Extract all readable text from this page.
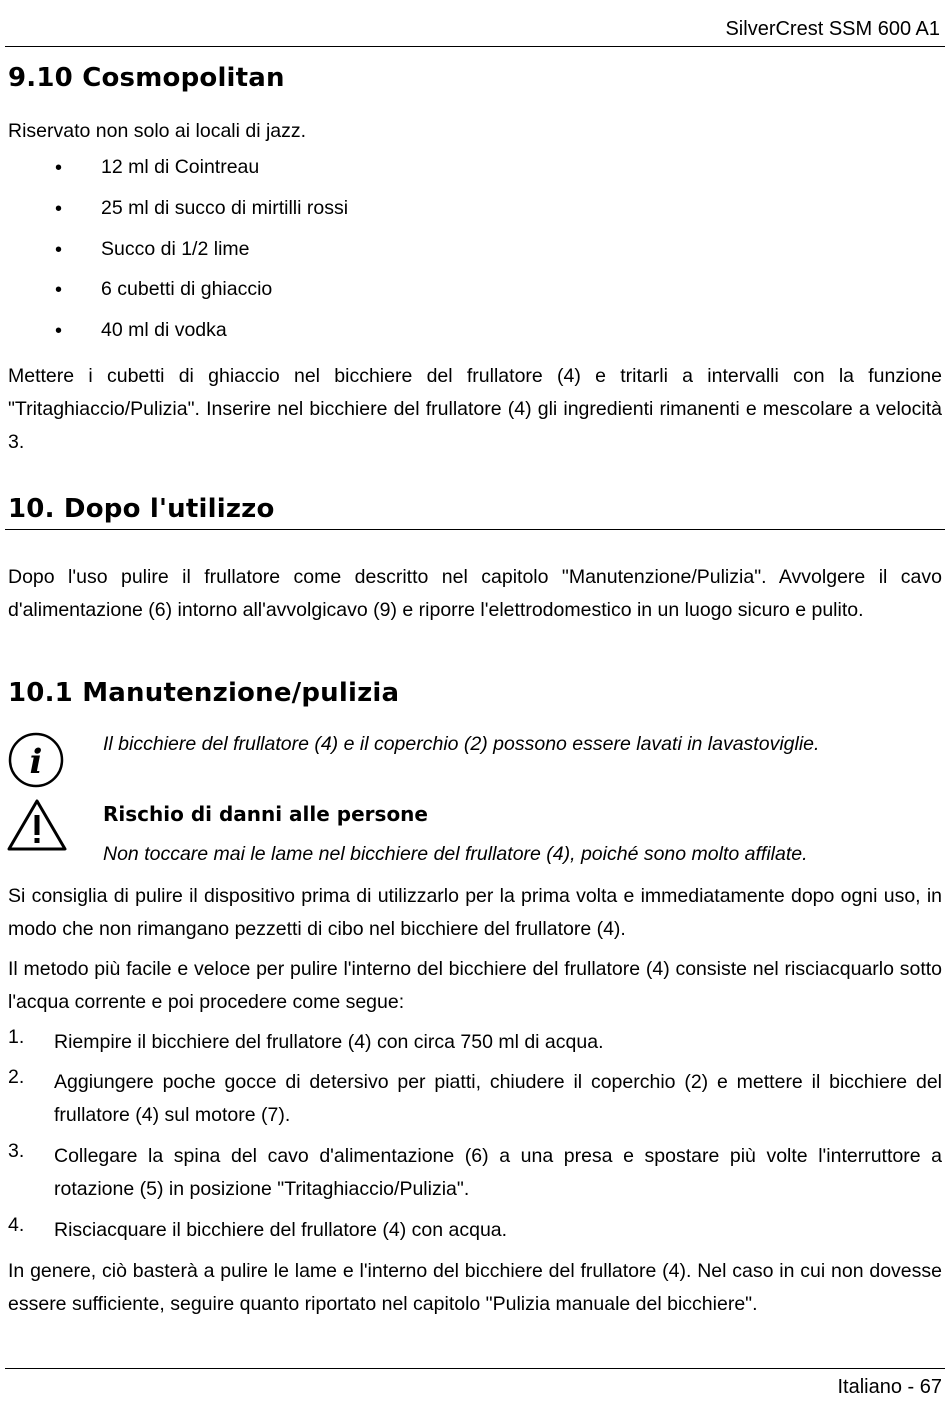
SilverCrest SSM 600 A1
9.10 Cosmopolitan
Riservato non solo ai locali di jazz.
• 12 ml di Cointreau
• 25 ml di succo di mirtilli rossi
• Succo di 1/2 lime
• 6 cubetti di ghiaccio
• 40 ml di vodka
Mettere i cubetti di ghiaccio nel bicchiere del frullatore (4) e tritarli a intervalli con la funzione "Tritaghiaccio/Pulizia". Inserire nel bicchiere del frullatore (4) gli ingredienti rimanenti e mescolare a velocità 3.
10. Dopo l'utilizzo
Dopo l'uso pulire il frullatore come descritto nel capitolo "Manutenzione/Pulizia". Avvolgere il cavo d'alimentazione (6) intorno all'avvolgicavo (9) e riporre l'elettrodomestico in un luogo sicuro e pulito.
10.1 Manutenzione/pulizia
i	Il bicchiere del frullatore (4) e il coperchio (2) possono essere lavati in lavastoviglie.
Rischio di danni alle persone
Non toccare mai le lame nel bicchiere del frullatore (4), poiché sono molto affilate.
Si consiglia di pulire il dispositivo prima di utilizzarlo per la prima volta e immediatamente dopo ogni uso, in modo che non rimangano pezzetti di cibo nel bicchiere del frullatore (4).
Il metodo più facile e veloce per pulire l'interno del bicchiere del frullatore (4) consiste nel risciacquarlo sotto l'acqua corrente e poi procedere come segue:
1. Riempire il bicchiere del frullatore (4) con circa 750 ml di acqua.
2. Aggiungere poche gocce di detersivo per piatti, chiudere il coperchio (2) e mettere il bicchiere del frullatore (4) sul motore (7).
3. Collegare la spina del cavo d'alimentazione (6) a una presa e spostare più volte l'interruttore a rotazione (5) in posizione "Tritaghiaccio/Pulizia".
4. Risciacquare il bicchiere del frullatore (4) con acqua.
In genere, ciò basterà a pulire le lame e l'interno del bicchiere del frullatore (4). Nel caso in cui non dovesse essere sufficiente, seguire quanto riportato nel capitolo "Pulizia manuale del bicchiere".
Italiano - 67
